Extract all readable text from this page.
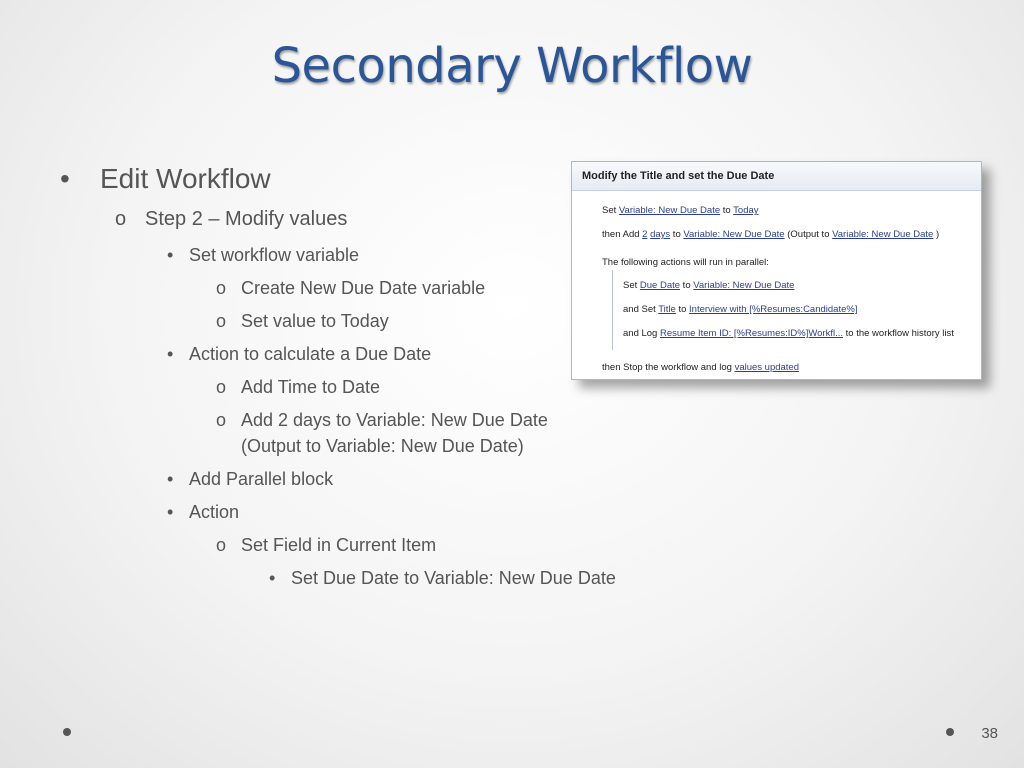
Secondary Workflow
• Edit Workflow
o Step 2 – Modify values
• Set workflow variable
o Create New Due Date variable
o Set value to Today
• Action to calculate a Due Date
o Add Time to Date
o Add 2 days to Variable: New Due Date
(Output to Variable: New Due Date)
• Add Parallel block
• Action
o Set Field in Current Item
• Set Due Date to Variable: New Due Date
Modify the Title and set the Due Date
Set Variable: New Due Date to Today
then Add 2 days to Variable: New Due Date (Output to Variable: New Due Date )
The following actions will run in parallel:
Set Due Date to Variable: New Due Date
and Set Title to Interview with [%Resumes:Candidate%]
and Log Resume Item ID: [%Resumes:ID%]Workfl... to the workflow history list
then Stop the workflow and log values updated
38
